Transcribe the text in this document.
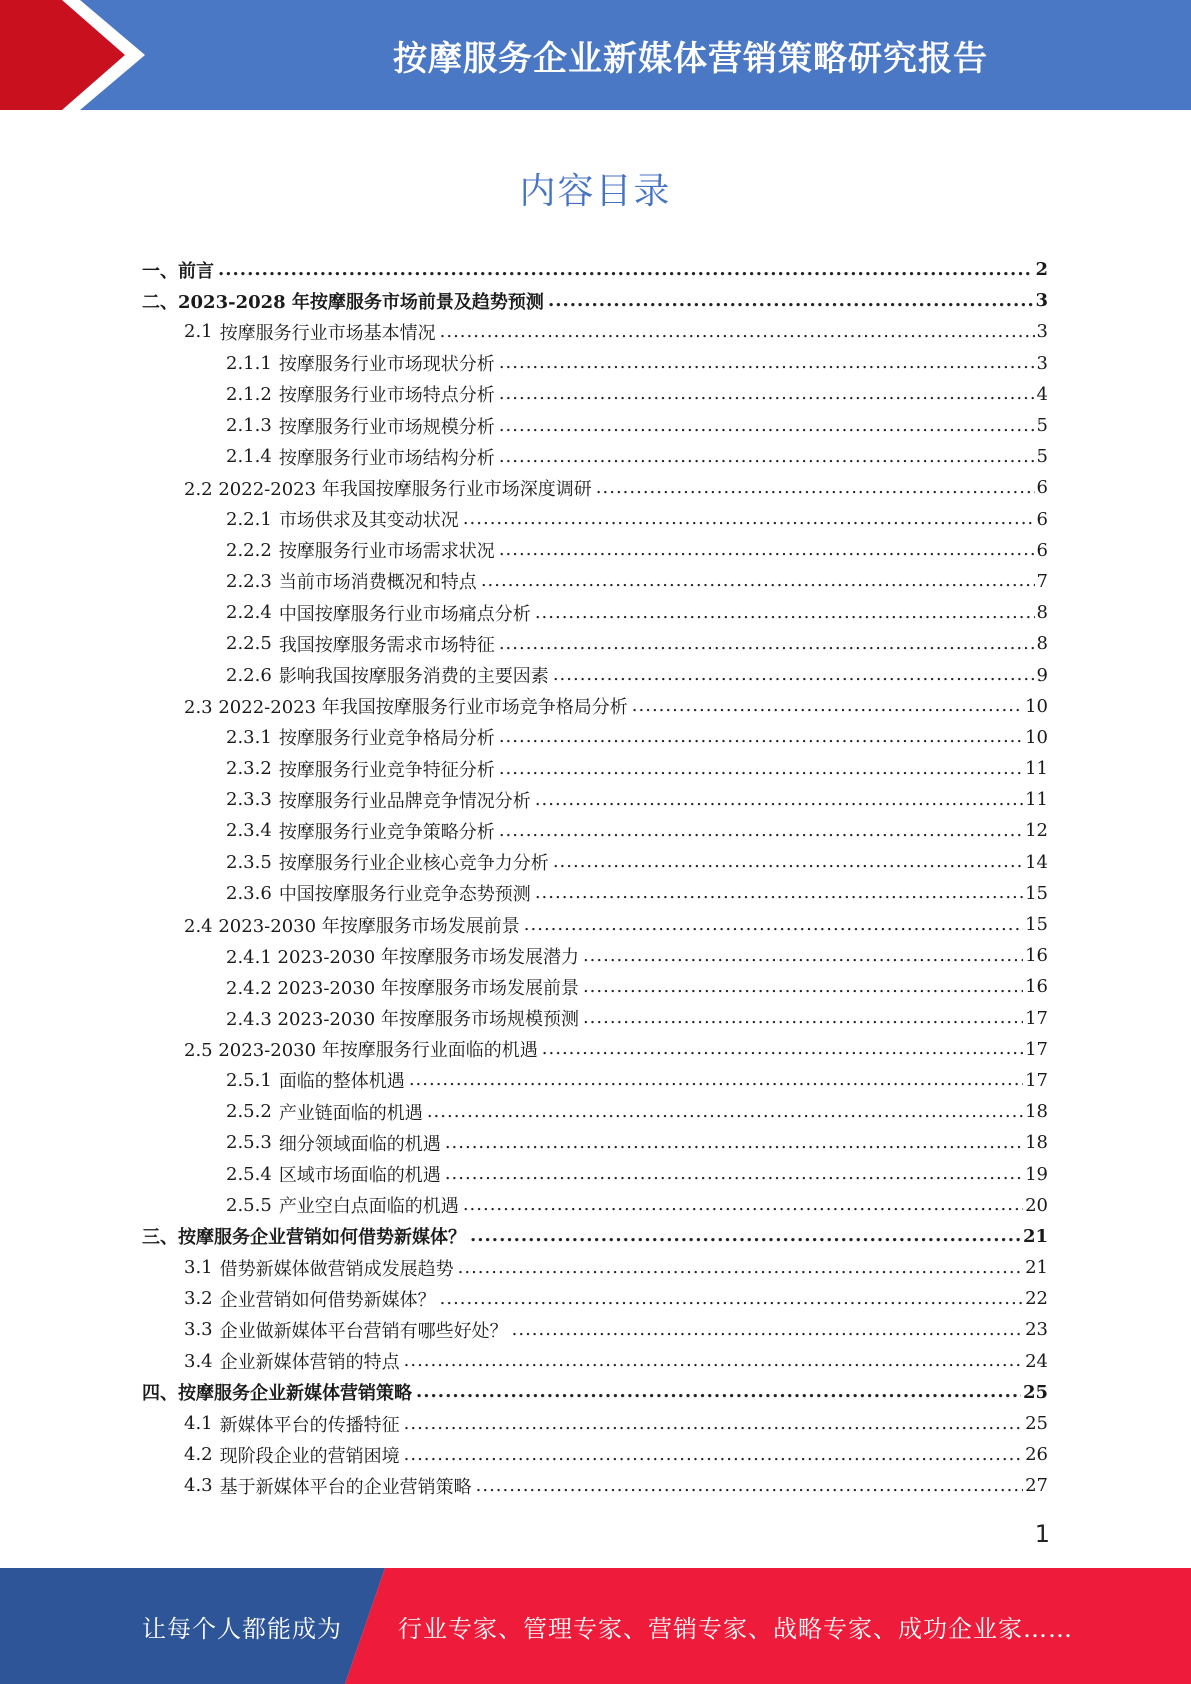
按摩服务企业新媒体营销策略研究报告
内容目录
一、前言 .....	2
二、2023-2028 年按摩服务市场前景及趋势预测 .....	3
2.1 按摩服务行业市场基本情况 .....	3
2.1.1 按摩服务行业市场现状分析 .....	3
2.1.2 按摩服务行业市场特点分析 .....	4
2.1.3 按摩服务行业市场规模分析 .....	5
2.1.4 按摩服务行业市场结构分析 .....	5
2.2 2022-2023 年我国按摩服务行业市场深度调研 .....	6
2.2.1 市场供求及其变动状况 .....	6
2.2.2 按摩服务行业市场需求状况 .....	6
2.2.3 当前市场消费概况和特点 .....	7
2.2.4 中国按摩服务行业市场痛点分析 .....	8
2.2.5 我国按摩服务需求市场特征 .....	8
2.2.6 影响我国按摩服务消费的主要因素 .....	9
2.3 2022-2023 年我国按摩服务行业市场竞争格局分析 .....	10
2.3.1 按摩服务行业竞争格局分析 .....	10
2.3.2 按摩服务行业竞争特征分析 .....	11
2.3.3 按摩服务行业品牌竞争情况分析 .....	11
2.3.4 按摩服务行业竞争策略分析 .....	12
2.3.5 按摩服务行业企业核心竞争力分析 .....	14
2.3.6 中国按摩服务行业竞争态势预测 .....	15
2.4 2023-2030 年按摩服务市场发展前景 .....	15
2.4.1 2023-2030 年按摩服务市场发展潜力 .....	16
2.4.2 2023-2030 年按摩服务市场发展前景 .....	16
2.4.3 2023-2030 年按摩服务市场规模预测 .....	17
2.5 2023-2030 年按摩服务行业面临的机遇 .....	17
2.5.1 面临的整体机遇 .....	17
2.5.2 产业链面临的机遇 .....	18
2.5.3 细分领域面临的机遇 .....	18
2.5.4 区域市场面临的机遇 .....	19
2.5.5 产业空白点面临的机遇 .....	20
三、按摩服务企业营销如何借势新媒体？ .....	21
3.1 借势新媒体做营销成发展趋势 .....	21
3.2 企业营销如何借势新媒体？ .....	22
3.3 企业做新媒体平台营销有哪些好处？ .....	23
3.4 企业新媒体营销的特点 .....	24
四、按摩服务企业新媒体营销策略 .....	25
4.1 新媒体平台的传播特征 .....	25
4.2 现阶段企业的营销困境 .....	26
4.3 基于新媒体平台的企业营销策略 .....	27
1
让每个人都能成为 行业专家、管理专家、营销专家、战略专家、成功企业家……
